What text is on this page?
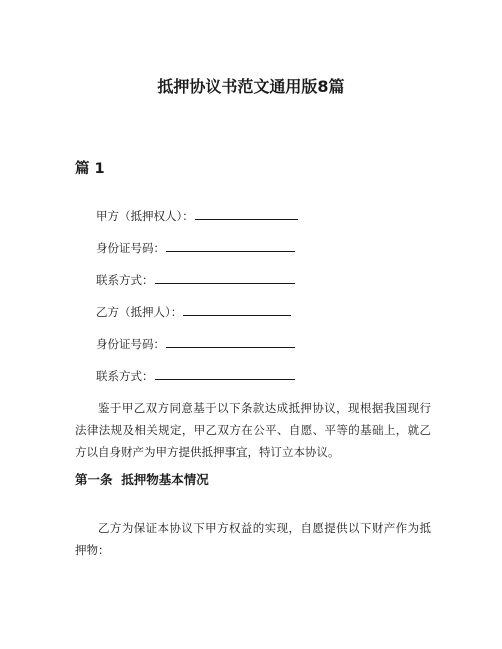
抵押协议书范文通用版8篇
篇 1
甲方（抵押权人）：
身份证号码：
联系方式：
乙方（抵押人）：
身份证号码：
联系方式：
鉴于甲乙双方同意基于以下条款达成抵押协议，现根据我国现行法律法规及相关规定，甲乙双方在公平、自愿、平等的基础上，就乙方以自身财产为甲方提供抵押事宜，特订立本协议。
第一条  抵押物基本情况
乙方为保证本协议下甲方权益的实现，自愿提供以下财产作为抵押物：
